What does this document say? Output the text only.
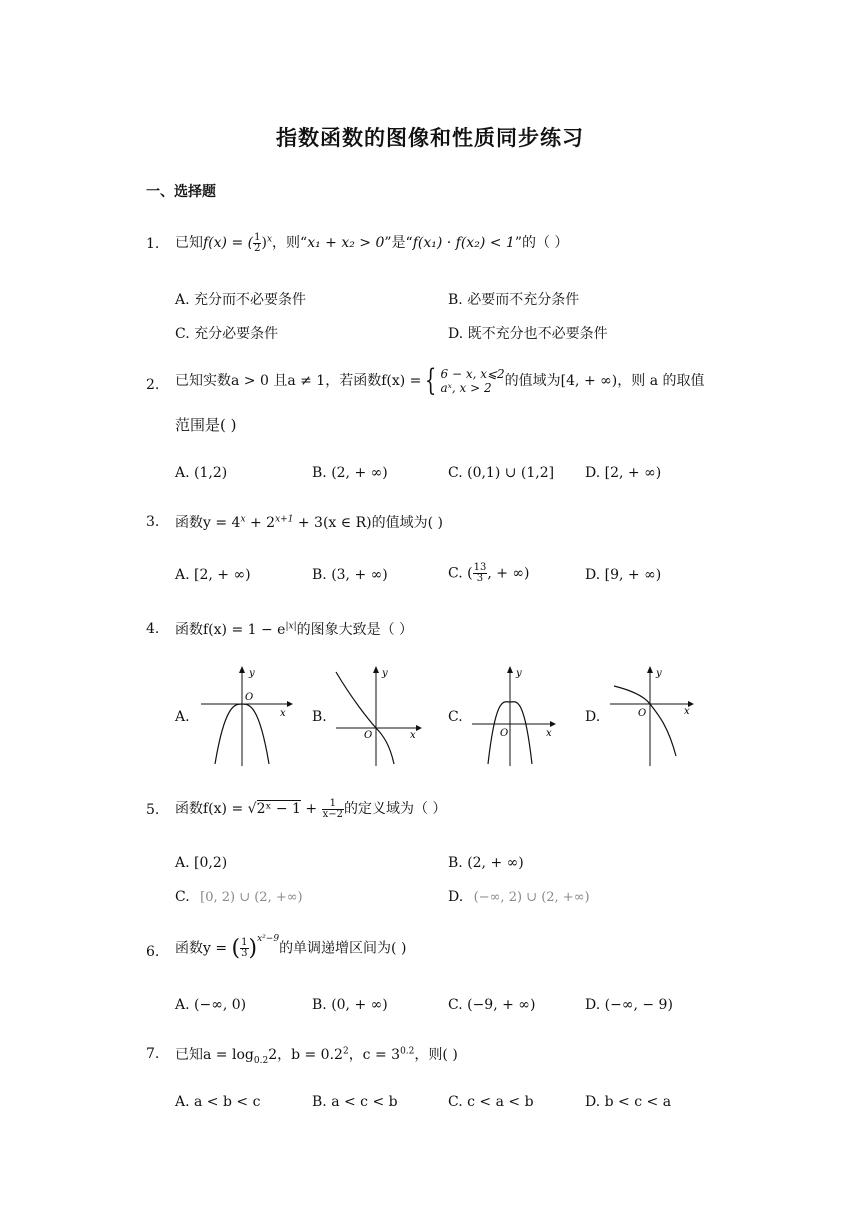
指数函数的图像和性质同步练习
一、选择题
1. 已知f(x) = ( $\frac{1}{2} )^x$，则“x₁ + x₂ > 0”是“f(x₁) · f(x₂) < 1”的（ ）
A. 充分而不必要条件	B. 必要而不充分条件
C. 充分必要条件	D. 既不充分也不必要条件
2. 已知实数a > 0 且a ≠ 1，若函数f(x) = { 6 − x, x⩽2
aˣ, x > 2 的值域为[4, + ∞)，则 a 的取值
范围是( )
A. (1,2)	B. (2, + ∞)	C. (0,1) ∪ (1,2] D. [2, + ∞)
3. 函数$y = 4^x + 2^{x+1} + 3(x$ ∈ R)的值域为( )
A. [2, + ∞)	B. (3, + ∞)	C. ( $\frac{13}{3}$ , + ∞)	D. [9, + ∞)
4. 函数$f(x) = 1 - e^{|x|}$的图象大致是（ ）
A.	B.	C.	D.
y
x
O
y
x
O
y
x
O
y
x
O
5. 函数f(x) = √2ˣ − $1 + \frac{1}{x-2}$ 的定义域为（ ）
A. [0,2)	B. (2, + ∞)
C. [0, 2) ∪ (2, +∞)	D. (−∞, 2) ∪ (2, +∞)
6. 函数y = ( $\frac{1}{3} )^{x^2-9}$的单调递增区间为( )
A. (−∞, 0)	B. (0, + ∞)	C. (−9, + ∞)	D. (−∞, − 9)
7. 已知$a = \log_{0.2}2$，$b = 0.2^2$，$c = 3^{0.2}$，则( )
A. a < b < c	B. a < c < b	C. c < a < b	D. b < c < a
